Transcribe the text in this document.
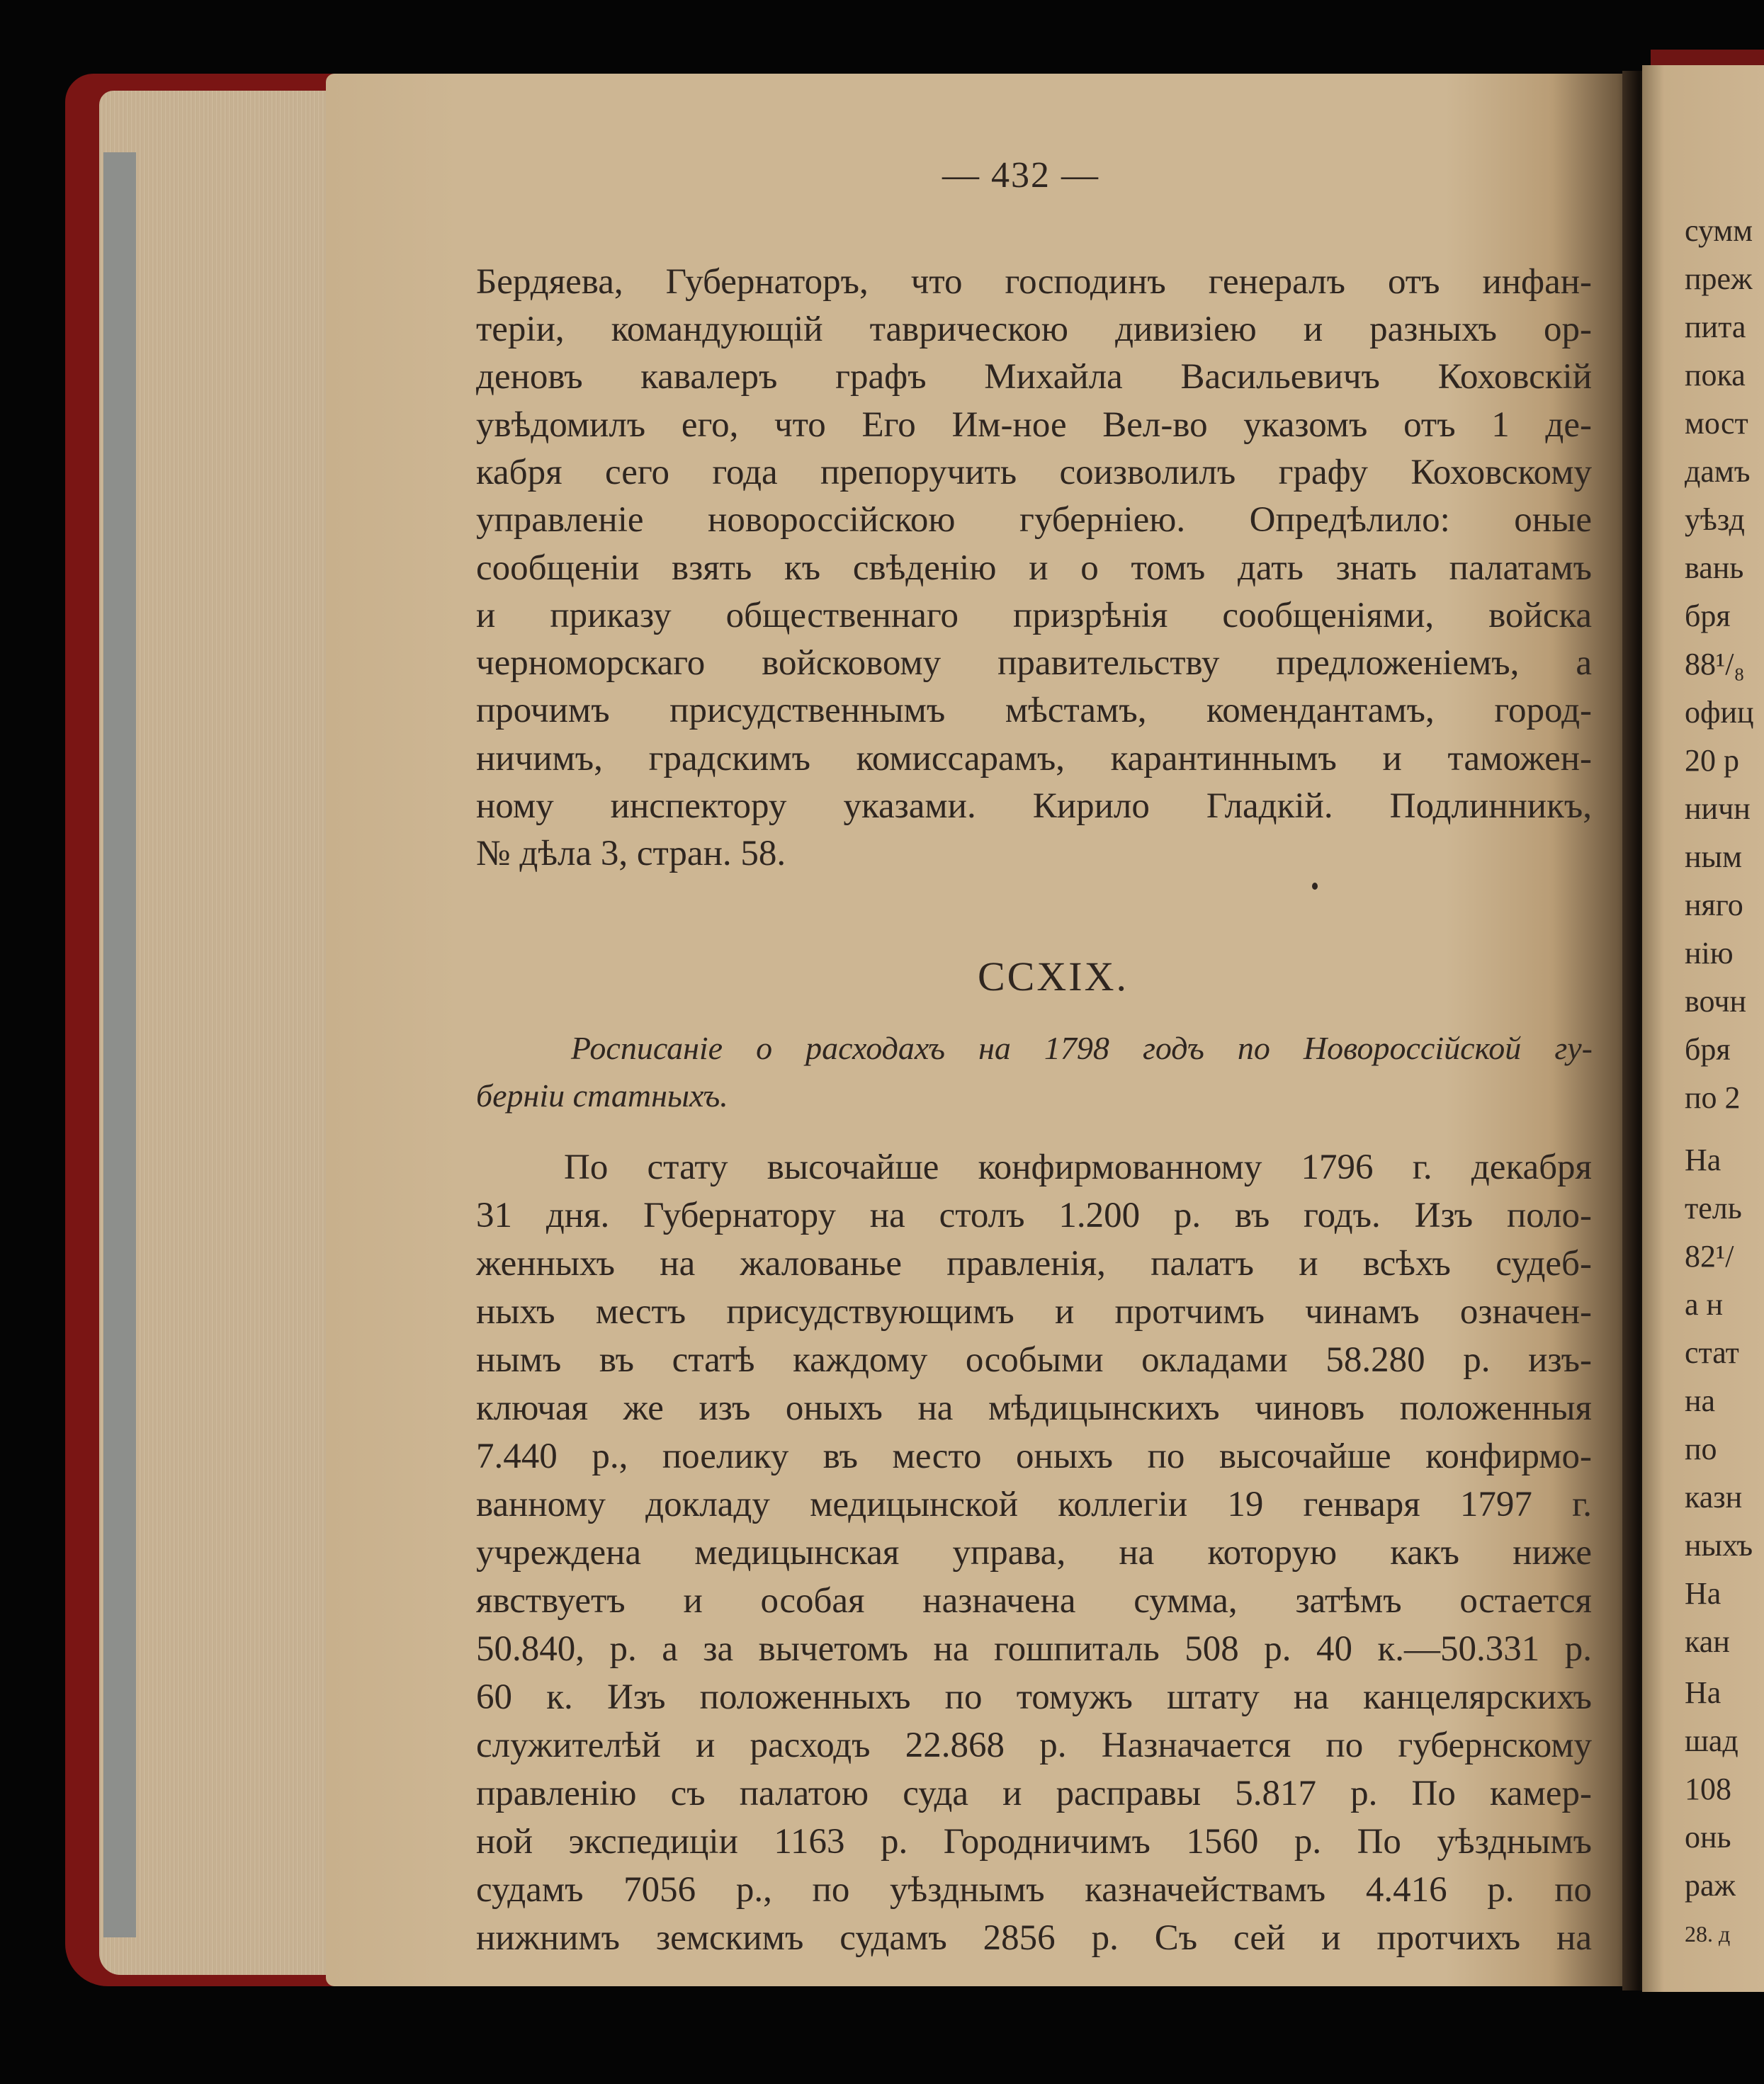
— 432 —
Бердяева, Губернаторъ, что господинъ генералъ отъ инфан-
теріи, командующій таврическою дивизіею и разныхъ ор-
деновъ кавалеръ графъ Михайла Васильевичъ Коховскій
увѣдомилъ его, что Его Им-ное Вел-во указомъ отъ 1 де-
кабря сего года препоручить соизволилъ графу Коховскому
управленіе новороссійскою губерніею. Опредѣлило: оные
сообщеніи взять къ свѣденію и о томъ дать знать палатамъ
и приказу общественнаго призрѣнія сообщеніями, войска
черноморскаго войсковому правительству предложеніемъ, а
прочимъ присудственнымъ мѣстамъ, комендантамъ, город-
ничимъ, градскимъ комиссарамъ, карантиннымъ и таможен-
ному инспектору указами. Кирило Гладкій. Подлинникъ,
№ дѣла 3, стран. 58.
CCXIX.
Росписаніе о расходахъ на 1798 годъ по Новороссійской гу-
берніи статныхъ.
По стату высочайше конфирмованному 1796 г. декабря
31 дня. Губернатору на столъ 1.200 р. въ годъ. Изъ поло-
женныхъ на жалованье правленія, палатъ и всѣхъ судеб-
ныхъ местъ присудствующимъ и протчимъ чинамъ означен-
нымъ въ статѣ каждому особыми окладами 58.280 р. изъ-
ключая же изъ оныхъ на мѣдицынскихъ чиновъ положенныя
7.440 р., поелику въ место оныхъ по высочайше конфирмо-
ванному докладу медицынской коллегіи 19 генваря 1797 г.
учреждена медицынская управа, на которую какъ ниже
явствуетъ и особая назначена сумма, затѣмъ остается
50.840, р. а за вычетомъ на гошпиталь 508 р. 40 к.—50.331 р.
60 к. Изъ положенныхъ по томужъ штату на канцелярскихъ
служителѣй и расходъ 22.868 р. Назначается по губернскому
правленію съ палатою суда и расправы 5.817 р. По камер-
ной экспедиціи 1163 р. Городничимъ 1560 р. По уѣзднымъ
судамъ 7056 р., по уѣзднымъ казначействамъ 4.416 р. по
нижнимъ земскимъ судамъ 2856 р. Съ сей и протчихъ на
сумм
преж
пита
пока
мост
дамъ
уѣзд
вань
бря
88¹/₈
офиц
20 р
ничн
ным
няго
нію
вочн
бря
по 2
На
тель
82¹/
а н
стат
на
по
казн
ныхъ
На
кан
На
шад
108
онь
раж
28. д
